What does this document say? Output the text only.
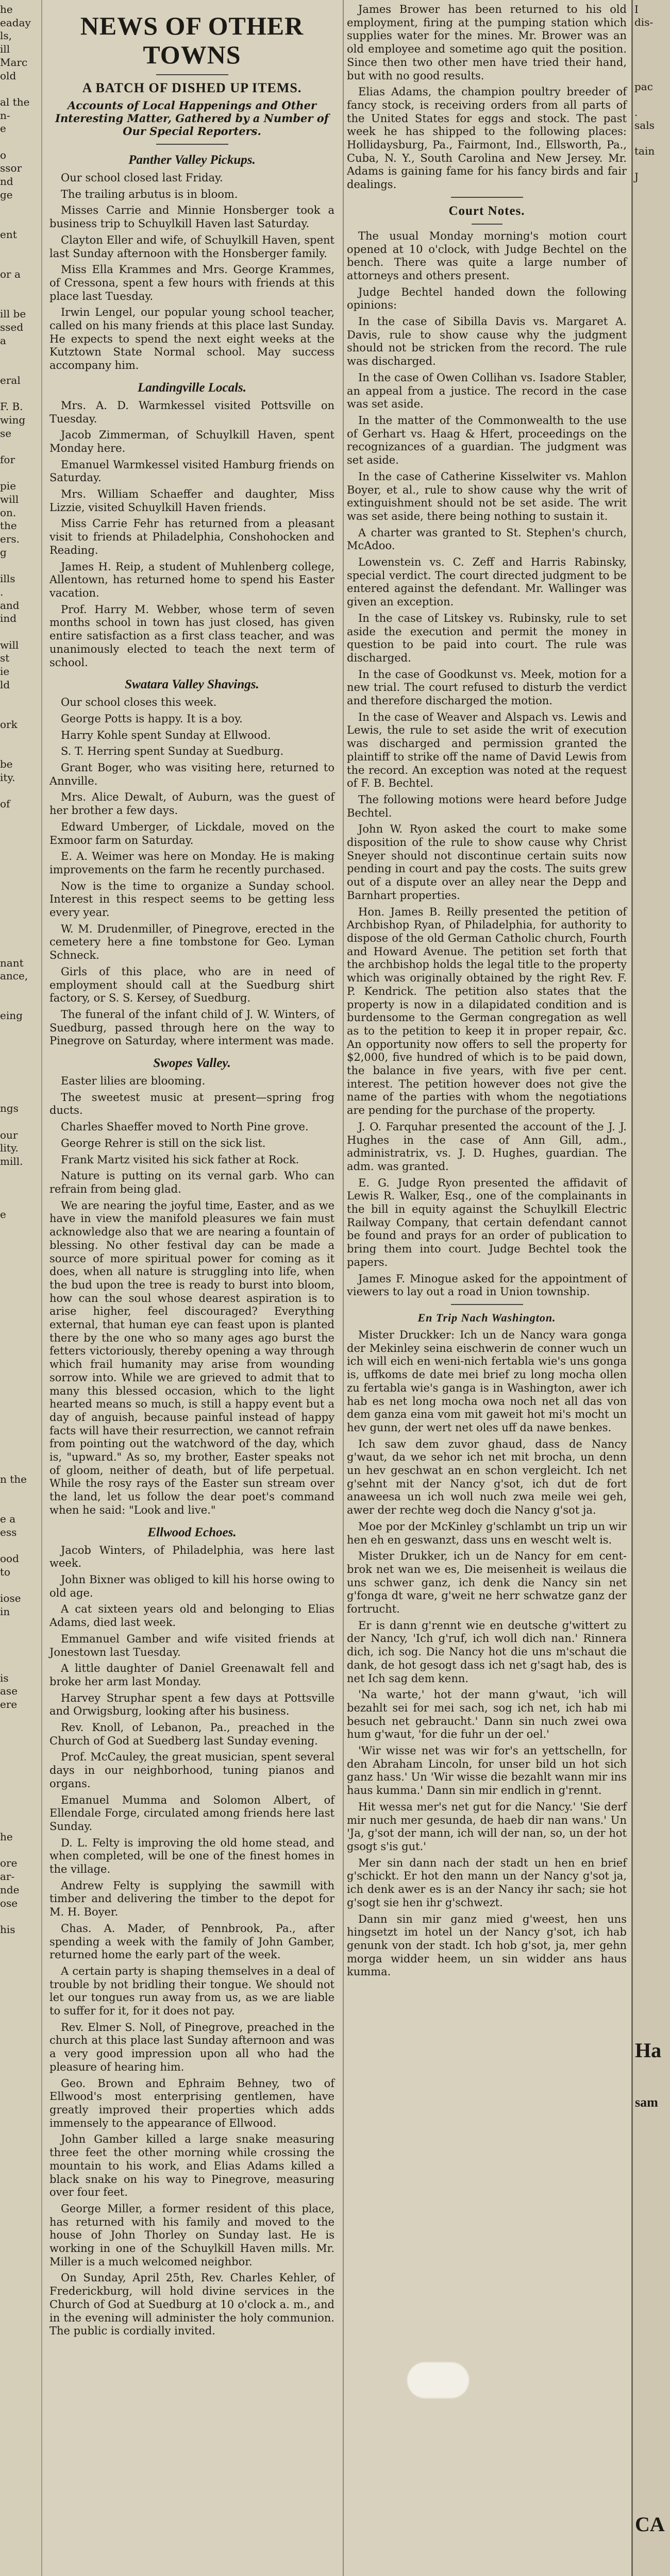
he
eaday
ls,
ill
Marc
old

al the
n-
e

o
ssor
nd
ge

ent

or a

ill be
ssed
a

eral

F. B.
wing
se

for

pie
will
on.
the
ers.
g

ills
.
and
ind

will
st
ie
ld

ork

be
ity.

of

nant
ance,

eing

ngs

our
lity.
mill.

e

n the

e a
ess

ood
to

iose
in

is
ase
ere

he

ore
ar-
nde
ose

his

NEWS OF OTHER TOWNS
A BATCH OF DISHED UP ITEMS.
Accounts of Local Happenings and Other Interesting Matter, Gathered by a Number of Our Special Reporters.
Panther Valley Pickups.

Our school closed last Friday.

The trailing arbutus is in bloom.

Misses Carrie and Minnie Honsberger took a business trip to Schuylkill Haven last Saturday.

Clayton Eller and wife, of Schuylkill Haven, spent last Sunday afternoon with the Honsberger family.

Miss Ella Krammes and Mrs. George Krammes, of Cressona, spent a few hours with friends at this place last Tuesday.

Irwin Lengel, our popular young school teacher, called on his many friends at this place last Sunday. He expects to spend the next eight weeks at the Kutztown State Normal school. May success accompany him.

Landingville Locals.

Mrs. A. D. Warmkessel visited Pottsville on Tuesday.

Jacob Zimmerman, of Schuylkill Haven, spent Monday here.

Emanuel Warmkessel visited Hamburg friends on Saturday.

Mrs. William Schaeffer and daughter, Miss Lizzie, visited Schuylkill Haven friends.

Miss Carrie Fehr has returned from a pleasant visit to friends at Philadelphia, Conshohocken and Reading.

James H. Reip, a student of Muhlenberg college, Allentown, has returned home to spend his Easter vacation.

Prof. Harry M. Webber, whose term of seven months school in town has just closed, has given entire satisfaction as a first class teacher, and was unanimously elected to teach the next term of school.

Swatara Valley Shavings.

Our school closes this week.

George Potts is happy. It is a boy.

Harry Kohle spent Sunday at Ellwood.

S. T. Herring spent Sunday at Suedburg.

Grant Boger, who was visiting here, returned to Annville.

Mrs. Alice Dewalt, of Auburn, was the guest of her brother a few days.

Edward Umberger, of Lickdale, moved on the Exmoor farm on Saturday.

E. A. Weimer was here on Monday. He is making improvements on the farm he recently purchased.

Now is the time to organize a Sunday school. Interest in this respect seems to be getting less every year.

W. M. Drudenmiller, of Pinegrove, erected in the cemetery here a fine tombstone for Geo. Lyman Schneck.

Girls of this place, who are in need of employment should call at the Suedburg shirt factory, or S. S. Kersey, of Suedburg.

The funeral of the infant child of J. W. Winters, of Suedburg, passed through here on the way to Pinegrove on Saturday, where interment was made.

Swopes Valley.

Easter lilies are blooming.

The sweetest music at present—spring frog ducts.

Charles Shaeffer moved to North Pine grove.

George Rehrer is still on the sick list.

Frank Martz visited his sick father at Rock.

Nature is putting on its vernal garb. Who can refrain from being glad.

We are nearing the joyful time, Easter, and as we have in view the manifold pleasures we fain must acknowledge also that we are nearing a fountain of blessing. No other festival day can be made a source of more spiritual power for coming as it does, when all nature is struggling into life, when the bud upon the tree is ready to burst into bloom, how can the soul whose dearest aspiration is to arise higher, feel discouraged? Everything external, that human eye can feast upon is planted there by the one who so many ages ago burst the fetters victoriously, thereby opening a way through which frail humanity may arise from wounding sorrow into. While we are grieved to admit that to many this blessed occasion, which to the light hearted means so much, is still a happy event but a day of anguish, because painful instead of happy facts will have their resurrection, we cannot refrain from pointing out the watchword of the day, which is, "upward." As so, my brother, Easter speaks not of gloom, neither of death, but of life perpetual. While the rosy rays of the Easter sun stream over the land, let us follow the dear poet's command when he said: "Look and live."

Ellwood Echoes.

Jacob Winters, of Philadelphia, was here last week.

John Bixner was obliged to kill his horse owing to old age.

A cat sixteen years old and belonging to Elias Adams, died last week.

Emmanuel Gamber and wife visited friends at Jonestown last Tuesday.

A little daughter of Daniel Greenawalt fell and broke her arm last Monday.

Harvey Struphar spent a few days at Pottsville and Orwigsburg, looking after his business.

Rev. Knoll, of Lebanon, Pa., preached in the Church of God at Suedberg last Sunday evening.

Prof. McCauley, the great musician, spent several days in our neighborhood, tuning pianos and organs.

Emanuel Mumma and Solomon Albert, of Ellendale Forge, circulated among friends here last Sunday.

D. L. Felty is improving the old home stead, and when completed, will be one of the finest homes in the village.

Andrew Felty is supplying the sawmill with timber and delivering the timber to the depot for M. H. Boyer.

Chas. A. Mader, of Pennbrook, Pa., after spending a week with the family of John Gamber, returned home the early part of the week.

A certain party is shaping themselves in a deal of trouble by not bridling their tongue. We should not let our tongues run away from us, as we are liable to suffer for it, for it does not pay.

Rev. Elmer S. Noll, of Pinegrove, preached in the church at this place last Sunday afternoon and was a very good impression upon all who had the pleasure of hearing him.

Geo. Brown and Ephraim Behney, two of Ellwood's most enterprising gentlemen, have greatly improved their properties which adds immensely to the appearance of Ellwood.

John Gamber killed a large snake measuring three feet the other morning while crossing the mountain to his work, and Elias Adams killed a black snake on his way to Pinegrove, measuring over four feet.

George Miller, a former resident of this place, has returned with his family and moved to the house of John Thorley on Sunday last. He is working in one of the Schuylkill Haven mills. Mr. Miller is a much welcomed neighbor.

On Sunday, April 25th, Rev. Charles Kehler, of Frederickburg, will hold divine services in the Church of God at Suedburg at 10 o'clock a. m., and in the evening will administer the holy communion. The public is cordially invited.

James Brower has been returned to his old employment, firing at the pumping station which supplies water for the mines. Mr. Brower was an old employee and sometime ago quit the position. Since then two other men have tried their hand, but with no good results.

Elias Adams, the champion poultry breeder of fancy stock, is receiving orders from all parts of the United States for eggs and stock. The past week he has shipped to the following places: Hollidaysburg, Pa., Fairmont, Ind., Ellsworth, Pa., Cuba, N. Y., South Carolina and New Jersey. Mr. Adams is gaining fame for his fancy birds and fair dealings.

Court Notes.

The usual Monday morning's motion court opened at 10 o'clock, with Judge Bechtel on the bench. There was quite a large number of attorneys and others present.

Judge Bechtel handed down the following opinions:

In the case of Sibilla Davis vs. Margaret A. Davis, rule to show cause why the judgment should not be stricken from the record. The rule was discharged.

In the case of Owen Collihan vs. Isadore Stabler, an appeal from a justice. The record in the case was set aside.

In the matter of the Commonwealth to the use of Gerhart vs. Haag & Hfert, proceedings on the recognizances of a guardian. The judgment was set aside.

In the case of Catherine Kisselwiter vs. Mahlon Boyer, et al., rule to show cause why the writ of extinguishment should not be set aside. The writ was set aside, there being nothing to sustain it.

A charter was granted to St. Stephen's church, McAdoo.

Lowenstein vs. C. Zeff and Harris Rabinsky, special verdict. The court directed judgment to be entered against the defendant. Mr. Wallinger was given an exception.

In the case of Litskey vs. Rubinsky, rule to set aside the execution and permit the money in question to be paid into court. The rule was discharged.

In the case of Goodkunst vs. Meek, motion for a new trial. The court refused to disturb the verdict and therefore discharged the motion.

In the case of Weaver and Alspach vs. Lewis and Lewis, the rule to set aside the writ of execution was discharged and permission granted the plaintiff to strike off the name of David Lewis from the record. An exception was noted at the request of F. B. Bechtel.

The following motions were heard before Judge Bechtel.

John W. Ryon asked the court to make some disposition of the rule to show cause why Christ Sneyer should not discontinue certain suits now pending in court and pay the costs. The suits grew out of a dispute over an alley near the Depp and Barnhart properties.

Hon. James B. Reilly presented the petition of Archbishop Ryan, of Philadelphia, for authority to dispose of the old German Catholic church, Fourth and Howard Avenue. The petition set forth that the archbishop holds the legal title to the property which was originally obtained by the right Rev. F. P. Kendrick. The petition also states that the property is now in a dilapidated condition and is burdensome to the German congregation as well as to the petition to keep it in proper repair, &c. An opportunity now offers to sell the property for $2,000, five hundred of which is to be paid down, the balance in five years, with five per cent. interest. The petition however does not give the name of the parties with whom the negotiations are pending for the purchase of the property.

J. O. Farquhar presented the account of the J. J. Hughes in the case of Ann Gill, adm., administratrix, vs. J. D. Hughes, guardian. The adm. was granted.

E. G. Judge Ryon presented the affidavit of Lewis R. Walker, Esq., one of the complainants in the bill in equity against the Schuylkill Electric Railway Company, that certain defendant cannot be found and prays for an order of publication to bring them into court. Judge Bechtel took the papers.

James F. Minogue asked for the appointment of viewers to lay out a road in Union township.

En Trip Nach Washington.

Mister Druckker: Ich un de Nancy wara gonga der Mekinley seina eischwerin de conner wuch un ich will eich en weni-nich fertabla wie's uns gonga is, uffkoms de date mei brief zu long mocha ollen zu fertabla wie's ganga is in Washington, awer ich hab es net long mocha owa noch net all das von dem ganza eina vom mit gaweit hot mi's mocht un hev gunn, der wert net oles uff da nawe benkes.

Ich saw dem zuvor ghaud, dass de Nancy g'waut, da we sehor ich net mit brocha, un denn un hev geschwat an en schon vergleicht. Ich net g'sehnt mit der Nancy g'sot, ich dut de fort anaweesa un ich woll nuch zwa meile wei geh, awer der rechte weg doch die Nancy g'sot ja.

Moe por der McKinley g'schlambt un trip un wir hen eh en geswanzt, dass uns en wescht welt is.

Mister Drukker, ich un de Nancy for em cent-brok net wan we es, Die meisenheit is weilaus die uns schwer ganz, ich denk die Nancy sin net g'fonga dt ware, g'weit ne herr schwatze ganz der fortrucht.

Er is dann g'rennt wie en deutsche g'wittert zu der Nancy, 'Ich g'ruf, ich woll dich nan.' Rinnera dich, ich sog. Die Nancy hot die uns m'schaut die dank, de hot gesogt dass ich net g'sagt hab, des is net Ich sag dem kenn.

'Na warte,' hot der mann g'waut, 'ich will bezahlt sei for mei sach, sog ich net, ich hab mi besuch net gebraucht.' Dann sin nuch zwei owa hum g'waut, 'for die fuhr un der oel.'

'Wir wisse net was wir for's an yettschelln, for den Abraham Lincoln, for unser bild un hot sich ganz hass.' Un 'Wir wisse die bezahlt wann mir ins haus kumma.' Dann sin mir endlich in g'rennt.

Hit wessa mer's net gut for die Nancy.' 'Sie derf mir nuch mer gesunda, de haeb dir nan wans.' Un 'Ja, g'sot der mann, ich will der nan, so, un der hot gsogt s'is gut.'

Mer sin dann nach der stadt un hen en brief g'schickt. Er hot den mann un der Nancy g'sot ja, ich denk awer es is an der Nancy ihr sach; sie hot g'sogt sie hen ihr g'schwezt.

Dann sin mir ganz mied g'weest, hen uns hingsetzt im hotel un der Nancy g'sot, ich hab genunk von der stadt. Ich hob g'sot, ja, mer gehn morga widder heem, un sin widder ans haus kumma.

I
dis-

pac

.
sals

tain

J

Ha
sam
CA
